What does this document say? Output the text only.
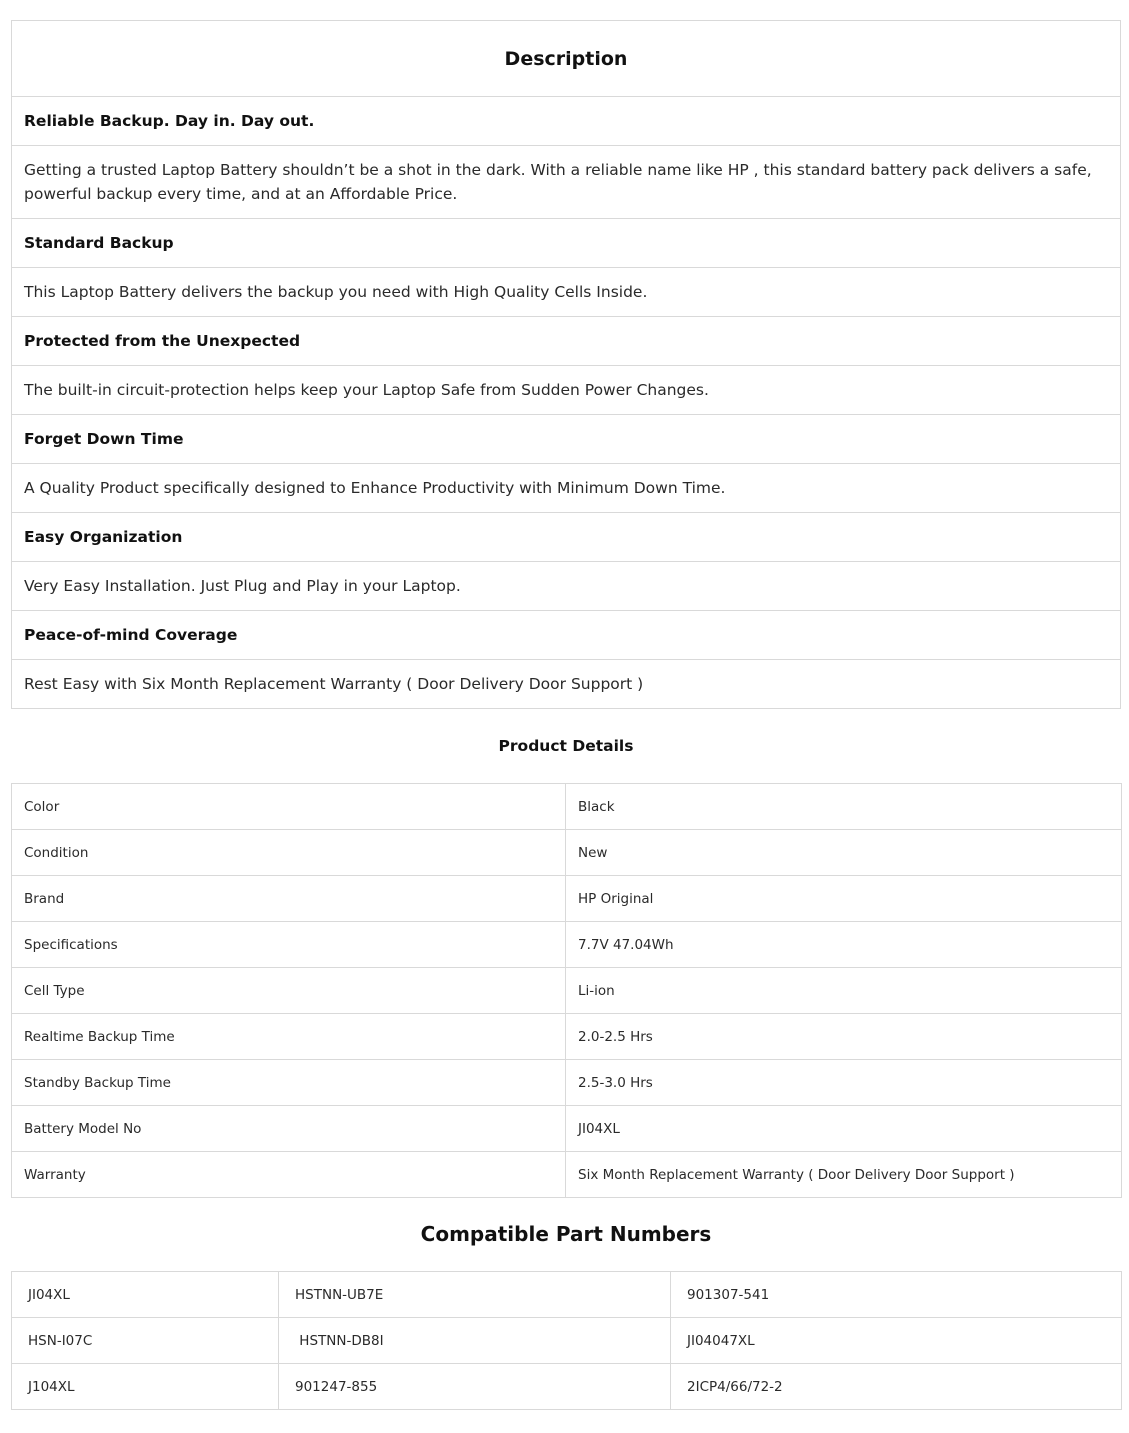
Description
Reliable Backup. Day in. Day out.
Getting a trusted Laptop Battery shouldn’t be a shot in the dark. With a reliable name like HP , this standard battery pack delivers a safe, powerful backup every time, and at an Affordable Price.
Standard Backup
This Laptop Battery delivers the backup you need with High Quality Cells Inside.
Protected from the Unexpected
The built-in circuit-protection helps keep your Laptop Safe from Sudden Power Changes.
Forget Down Time
A Quality Product specifically designed to Enhance Productivity with Minimum Down Time.
Easy Organization
Very Easy Installation. Just Plug and Play in your Laptop.
Peace-of-mind Coverage
Rest Easy with Six Month Replacement Warranty ( Door Delivery Door Support )
Product Details
Color	Black
Condition	New
Brand	HP Original
Specifications	7.7V 47.04Wh
Cell Type	Li-ion
Realtime Backup Time	2.0-2.5 Hrs
Standby Backup Time	2.5-3.0 Hrs
Battery Model No	JI04XL
Warranty	Six Month Replacement Warranty ( Door Delivery Door Support )
Compatible Part Numbers
JI04XL	HSTNN-UB7E	901307-541
HSN-I07C	HSTNN-DB8I	JI04047XL
J104XL	901247-855	2ICP4/66/72-2
